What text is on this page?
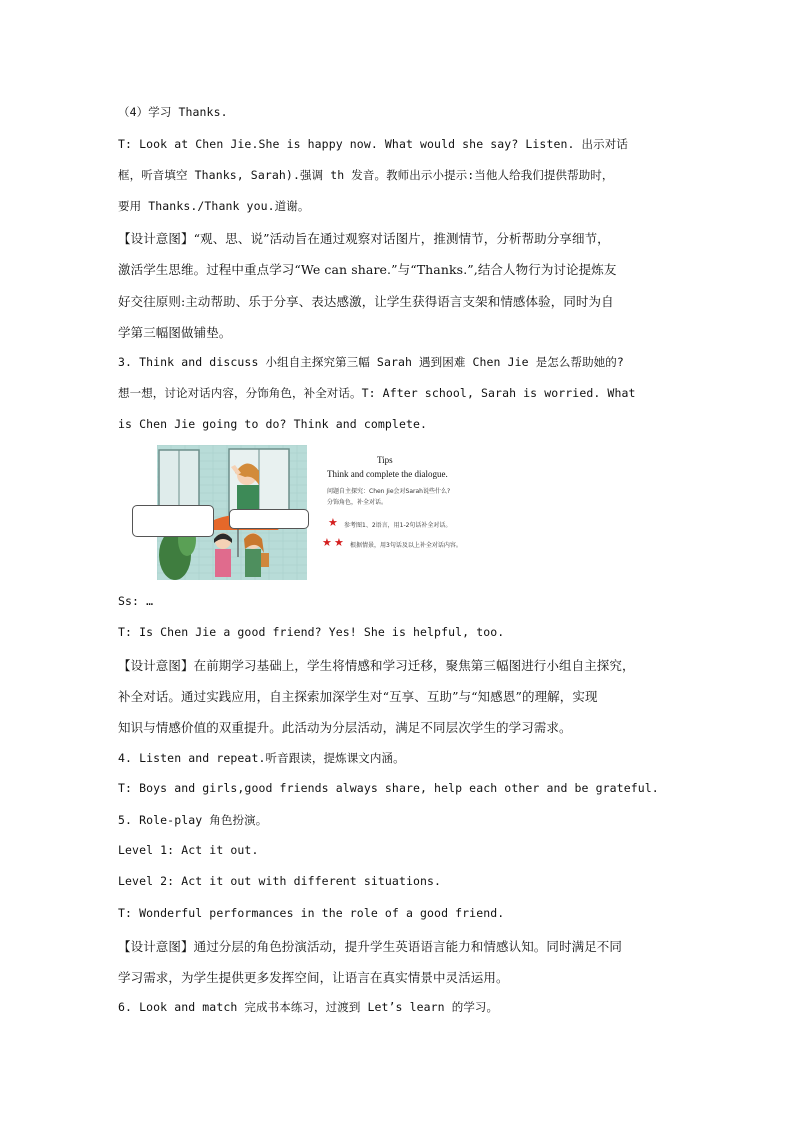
（4）学习 Thanks.
T: Look at Chen Jie.She is happy now. What would she say? Listen. 出示对话
框，听音填空 Thanks, Sarah).强调 th 发音。教师出示小提示:当他人给我们提供帮助时，
要用 Thanks./Thank you.道谢。
【设计意图】“观、思、说”活动旨在通过观察对话图片，推测情节，分析帮助分享细节，
激活学生思维。过程中重点学习“We can share.”与“Thanks.”,结合人物行为讨论提炼友
好交往原则:主动帮助、乐于分享、表达感激，让学生获得语言支架和情感体验，同时为自
学第三幅图做铺垫。
3. Think and discuss 小组自主探究第三幅 Sarah 遇到困难 Chen Jie 是怎么帮助她的?
想一想，讨论对话内容，分饰角色，补全对话。T: After school, Sarah is worried. What
is Chen Jie going to do? Think and complete.
Tips
Think and complete the dialogue.
问题自主探究：Chen Jie会对Sarah说些什么?
分饰角色，补全对话。
★ 参考图1、2语言，用1-2句话补全对话。
★ ★ 根据情景，用3句话及以上补全对话内容。
Ss: …
T: Is Chen Jie a good friend? Yes! She is helpful, too.
【设计意图】在前期学习基础上，学生将情感和学习迁移，聚焦第三幅图进行小组自主探究，
补全对话。通过实践应用，自主探索加深学生对“互享、互助”与“知感恩”的理解，实现
知识与情感价值的双重提升。此活动为分层活动，满足不同层次学生的学习需求。
4. Listen and repeat.听音跟读，提炼课文内涵。
T: Boys and girls,good friends always share, help each other and be grateful.
5. Role-play 角色扮演。
Level 1: Act it out.
Level 2: Act it out with different situations.
T: Wonderful performances in the role of a good friend.
【设计意图】通过分层的角色扮演活动，提升学生英语语言能力和情感认知。同时满足不同
学习需求，为学生提供更多发挥空间，让语言在真实情景中灵活运用。
6. Look and match 完成书本练习，过渡到 Let’s learn 的学习。
